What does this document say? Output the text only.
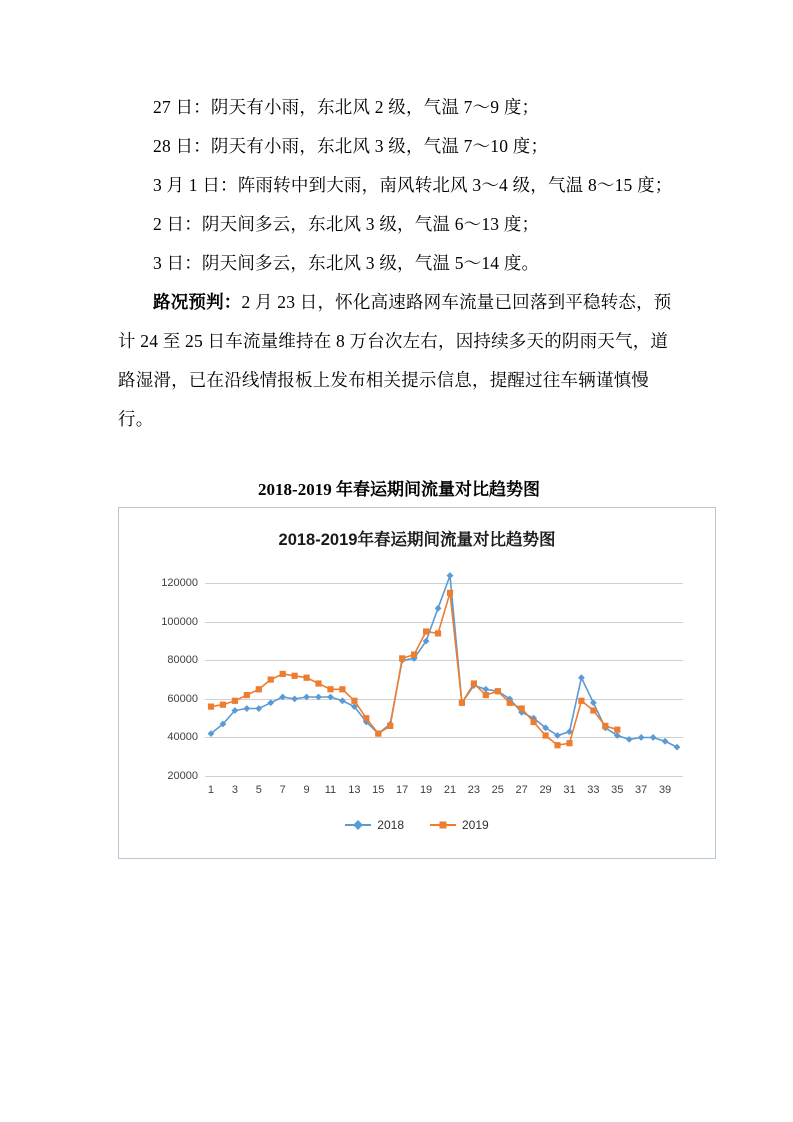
27 日：阴天有小雨，东北风 2 级，气温 7～9 度；

28 日：阴天有小雨，东北风 3 级，气温 7～10 度；

3 月 1 日：阵雨转中到大雨，南风转北风 3～4 级，气温 8～15 度；

2 日：阴天间多云，东北风 3 级，气温 6～13 度；

3 日：阴天间多云，东北风 3 级，气温 5～14 度。

路况预判：2 月 23 日，怀化高速路网车流量已回落到平稳转态，预计 24 至 25 日车流量维持在 8 万台次左右，因持续多天的阴雨天气，道路湿滑，已在沿线情报板上发布相关提示信息，提醒过往车辆谨慎慢行。

2018-2019 年春运期间流量对比趋势图
2018-2019年春运期间流量对比趋势图
20000
40000
60000
80000
100000
120000
1 3 5 7 9 11 13 15 17 19 21 23 25 27 29 31 33 35 37 39
2018	2019
